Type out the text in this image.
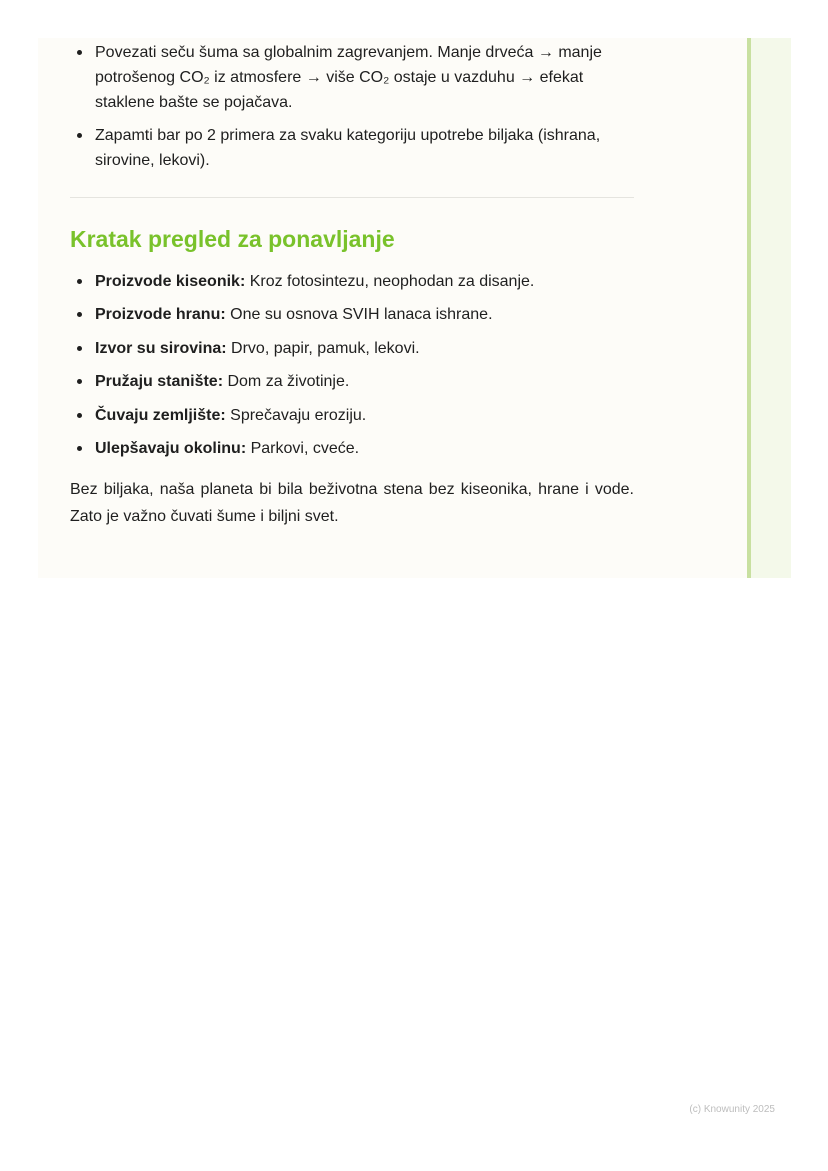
Povezati seču šuma sa globalnim zagrevanjem. Manje drveća → manje potrošenog CO₂ iz atmosfere → više CO₂ ostaje u vazduhu → efekat staklene bašte se pojačava.
Zapamti bar po 2 primera za svaku kategoriju upotrebe biljaka (ishrana, sirovine, lekovi).
Kratak pregled za ponavljanje
Proizvode kiseonik: Kroz fotosintezu, neophodan za disanje.
Proizvode hranu: One su osnova SVIH lanaca ishrane.
Izvor su sirovina: Drvo, papir, pamuk, lekovi.
Pružaju stanište: Dom za životinje.
Čuvaju zemljište: Sprečavaju eroziju.
Ulepšavaju okolinu: Parkovi, cveće.

Bez biljaka, naša planeta bi bila beživotna stena bez kiseonika, hrane i vode. Zato je važno čuvati šume i biljni svet.

(c) Knowunity 2025
